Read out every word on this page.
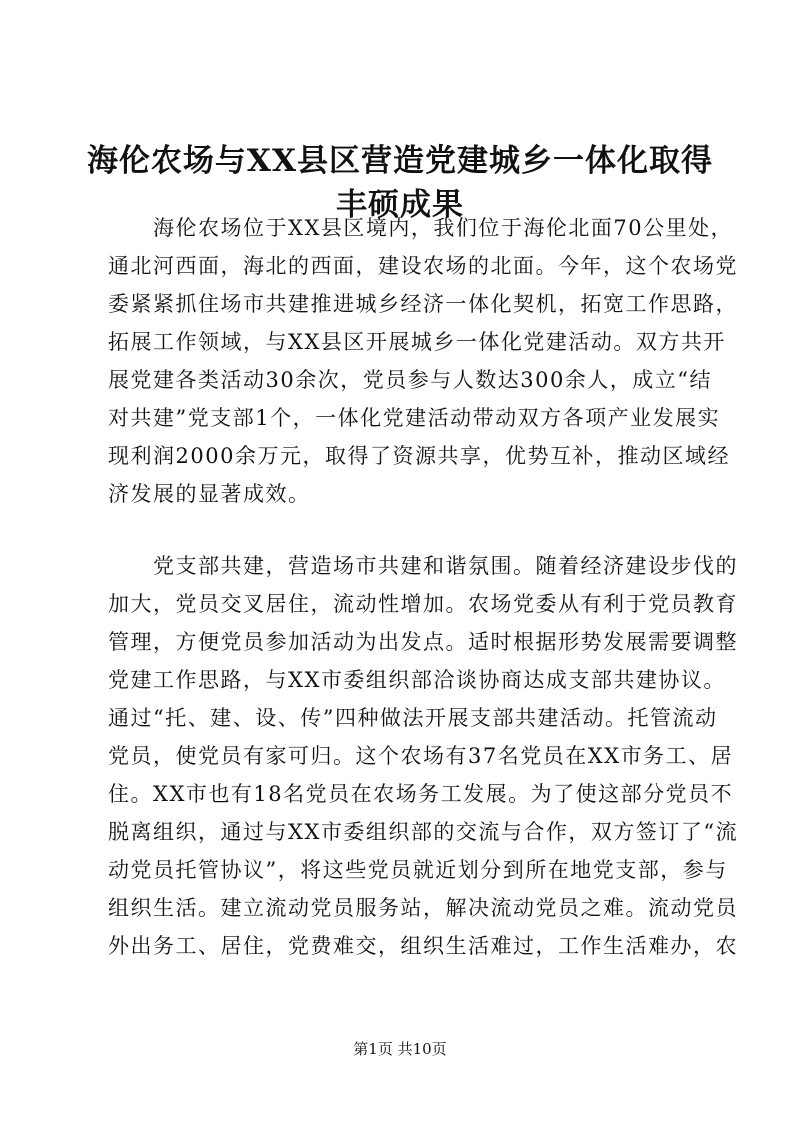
海伦农场与XX县区营造党建城乡一体化取得
丰硕成果
　　海伦农场位于XX县区境内，我们位于海伦北面70公里处，
通北河西面，海北的西面，建设农场的北面。今年，这个农场党
委紧紧抓住场市共建推进城乡经济一体化契机，拓宽工作思路，
拓展工作领域，与XX县区开展城乡一体化党建活动。双方共开
展党建各类活动30余次，党员参与人数达300余人，成立“结
对共建”党支部1个，一体化党建活动带动双方各项产业发展实
现利润2000余万元，取得了资源共享，优势互补，推动区域经
济发展的显著成效。
　　党支部共建，营造场市共建和谐氛围。随着经济建设步伐的
加大，党员交叉居住，流动性增加。农场党委从有利于党员教育
管理，方便党员参加活动为出发点。适时根据形势发展需要调整
党建工作思路，与XX市委组织部洽谈协商达成支部共建协议。
通过“托、建、设、传”四种做法开展支部共建活动。托管流动
党员，使党员有家可归。这个农场有37名党员在XX市务工、居
住。XX市也有18名党员在农场务工发展。为了使这部分党员不
脱离组织，通过与XX市委组织部的交流与合作，双方签订了“流
动党员托管协议”，将这些党员就近划分到所在地党支部，参与
组织生活。建立流动党员服务站，解决流动党员之难。流动党员
外出务工、居住，党费难交，组织生活难过，工作生活难办，农
第1页 共10页
